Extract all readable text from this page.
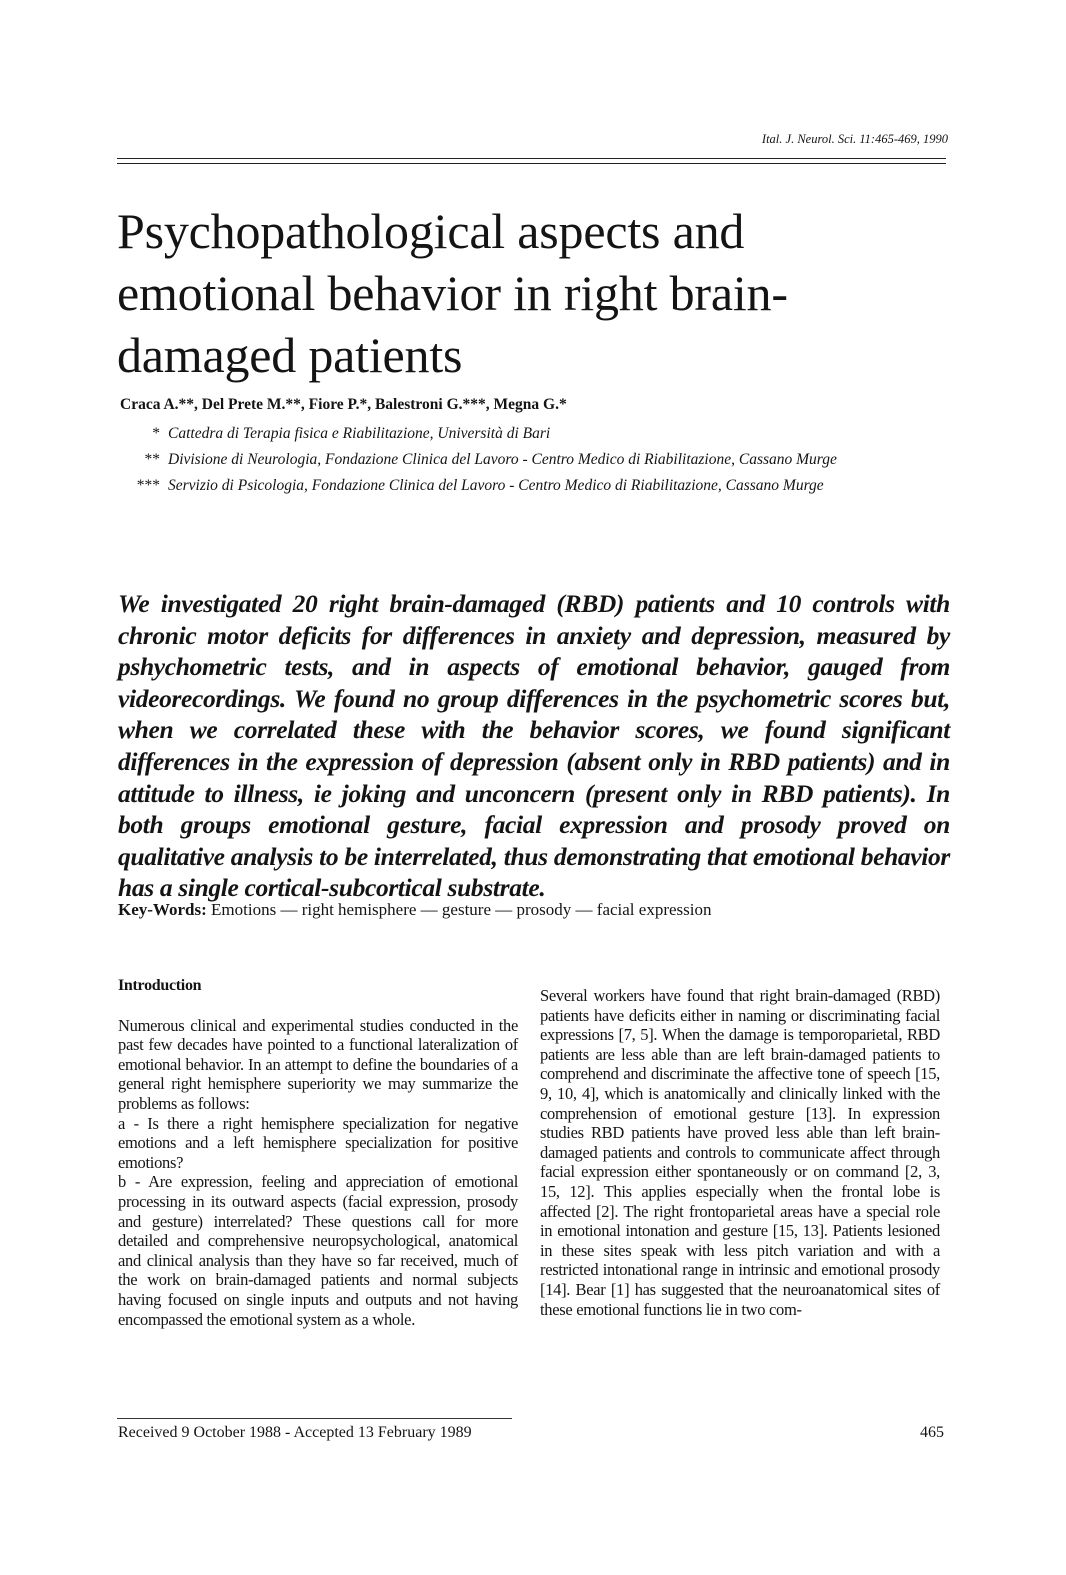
Ital. J. Neurol. Sci. 11:465-469, 1990
Psychopathological aspects and emotional behavior in right brain-damaged patients
Craca A.**, Del Prete M.**, Fiore P.*, Balestroni G.***, Megna G.*
* Cattedra di Terapia fisica e Riabilitazione, Università di Bari
** Divisione di Neurologia, Fondazione Clinica del Lavoro - Centro Medico di Riabilitazione, Cassano Murge
*** Servizio di Psicologia, Fondazione Clinica del Lavoro - Centro Medico di Riabilitazione, Cassano Murge

We investigated 20 right brain-damaged (RBD) patients and 10 controls with chronic motor deficits for differences in anxiety and depression, measured by pshychometric tests, and in aspects of emotional behavior, gauged from videorecordings. We found no group differences in the psychometric scores but, when we correlated these with the behavior scores, we found significant differences in the expression of depression (absent only in RBD patients) and in attitude to illness, ie joking and unconcern (present only in RBD patients). In both groups emotional gesture, facial expression and prosody proved on qualitative analysis to be interrelated, thus demonstrating that emotional behavior has a single cortical-subcortical substrate.

Key-Words: Emotions — right hemisphere — gesture — prosody — facial expression
Introduction

Numerous clinical and experimental studies conducted in the past few decades have pointed to a functional lateralization of emotional behavior. In an attempt to define the boundaries of a general right hemisphere superiority we may summarize the problems as follows:

a - Is there a right hemisphere specialization for negative emotions and a left hemisphere specialization for positive emotions?

b - Are expression, feeling and appreciation of emotional processing in its outward aspects (facial expression, prosody and gesture) interrelated? These questions call for more detailed and comprehensive neuropsychological, anatomical and clinical analysis than they have so far received, much of the work on brain-damaged patients and normal subjects having focused on single inputs and outputs and not having encompassed the emotional system as a whole.

Several workers have found that right brain-damaged (RBD) patients have deficits either in naming or discriminating facial expressions [7, 5]. When the damage is temporoparietal, RBD patients are less able than are left brain-damaged patients to comprehend and discriminate the affective tone of speech [15, 9, 10, 4], which is anatomically and clinically linked with the comprehension of emotional gesture [13]. In expression studies RBD patients have proved less able than left brain-damaged patients and controls to communicate affect through facial expression either spontaneously or on command [2, 3, 15, 12]. This applies especially when the frontal lobe is affected [2]. The right frontoparietal areas have a special role in emotional intonation and gesture [15, 13]. Patients lesioned in these sites speak with less pitch variation and with a restricted intonational range in intrinsic and emotional prosody [14]. Bear [1] has suggested that the neuroanatomical sites of these emotional functions lie in two com-

Received 9 October 1988 - Accepted 13 February 1989	465
